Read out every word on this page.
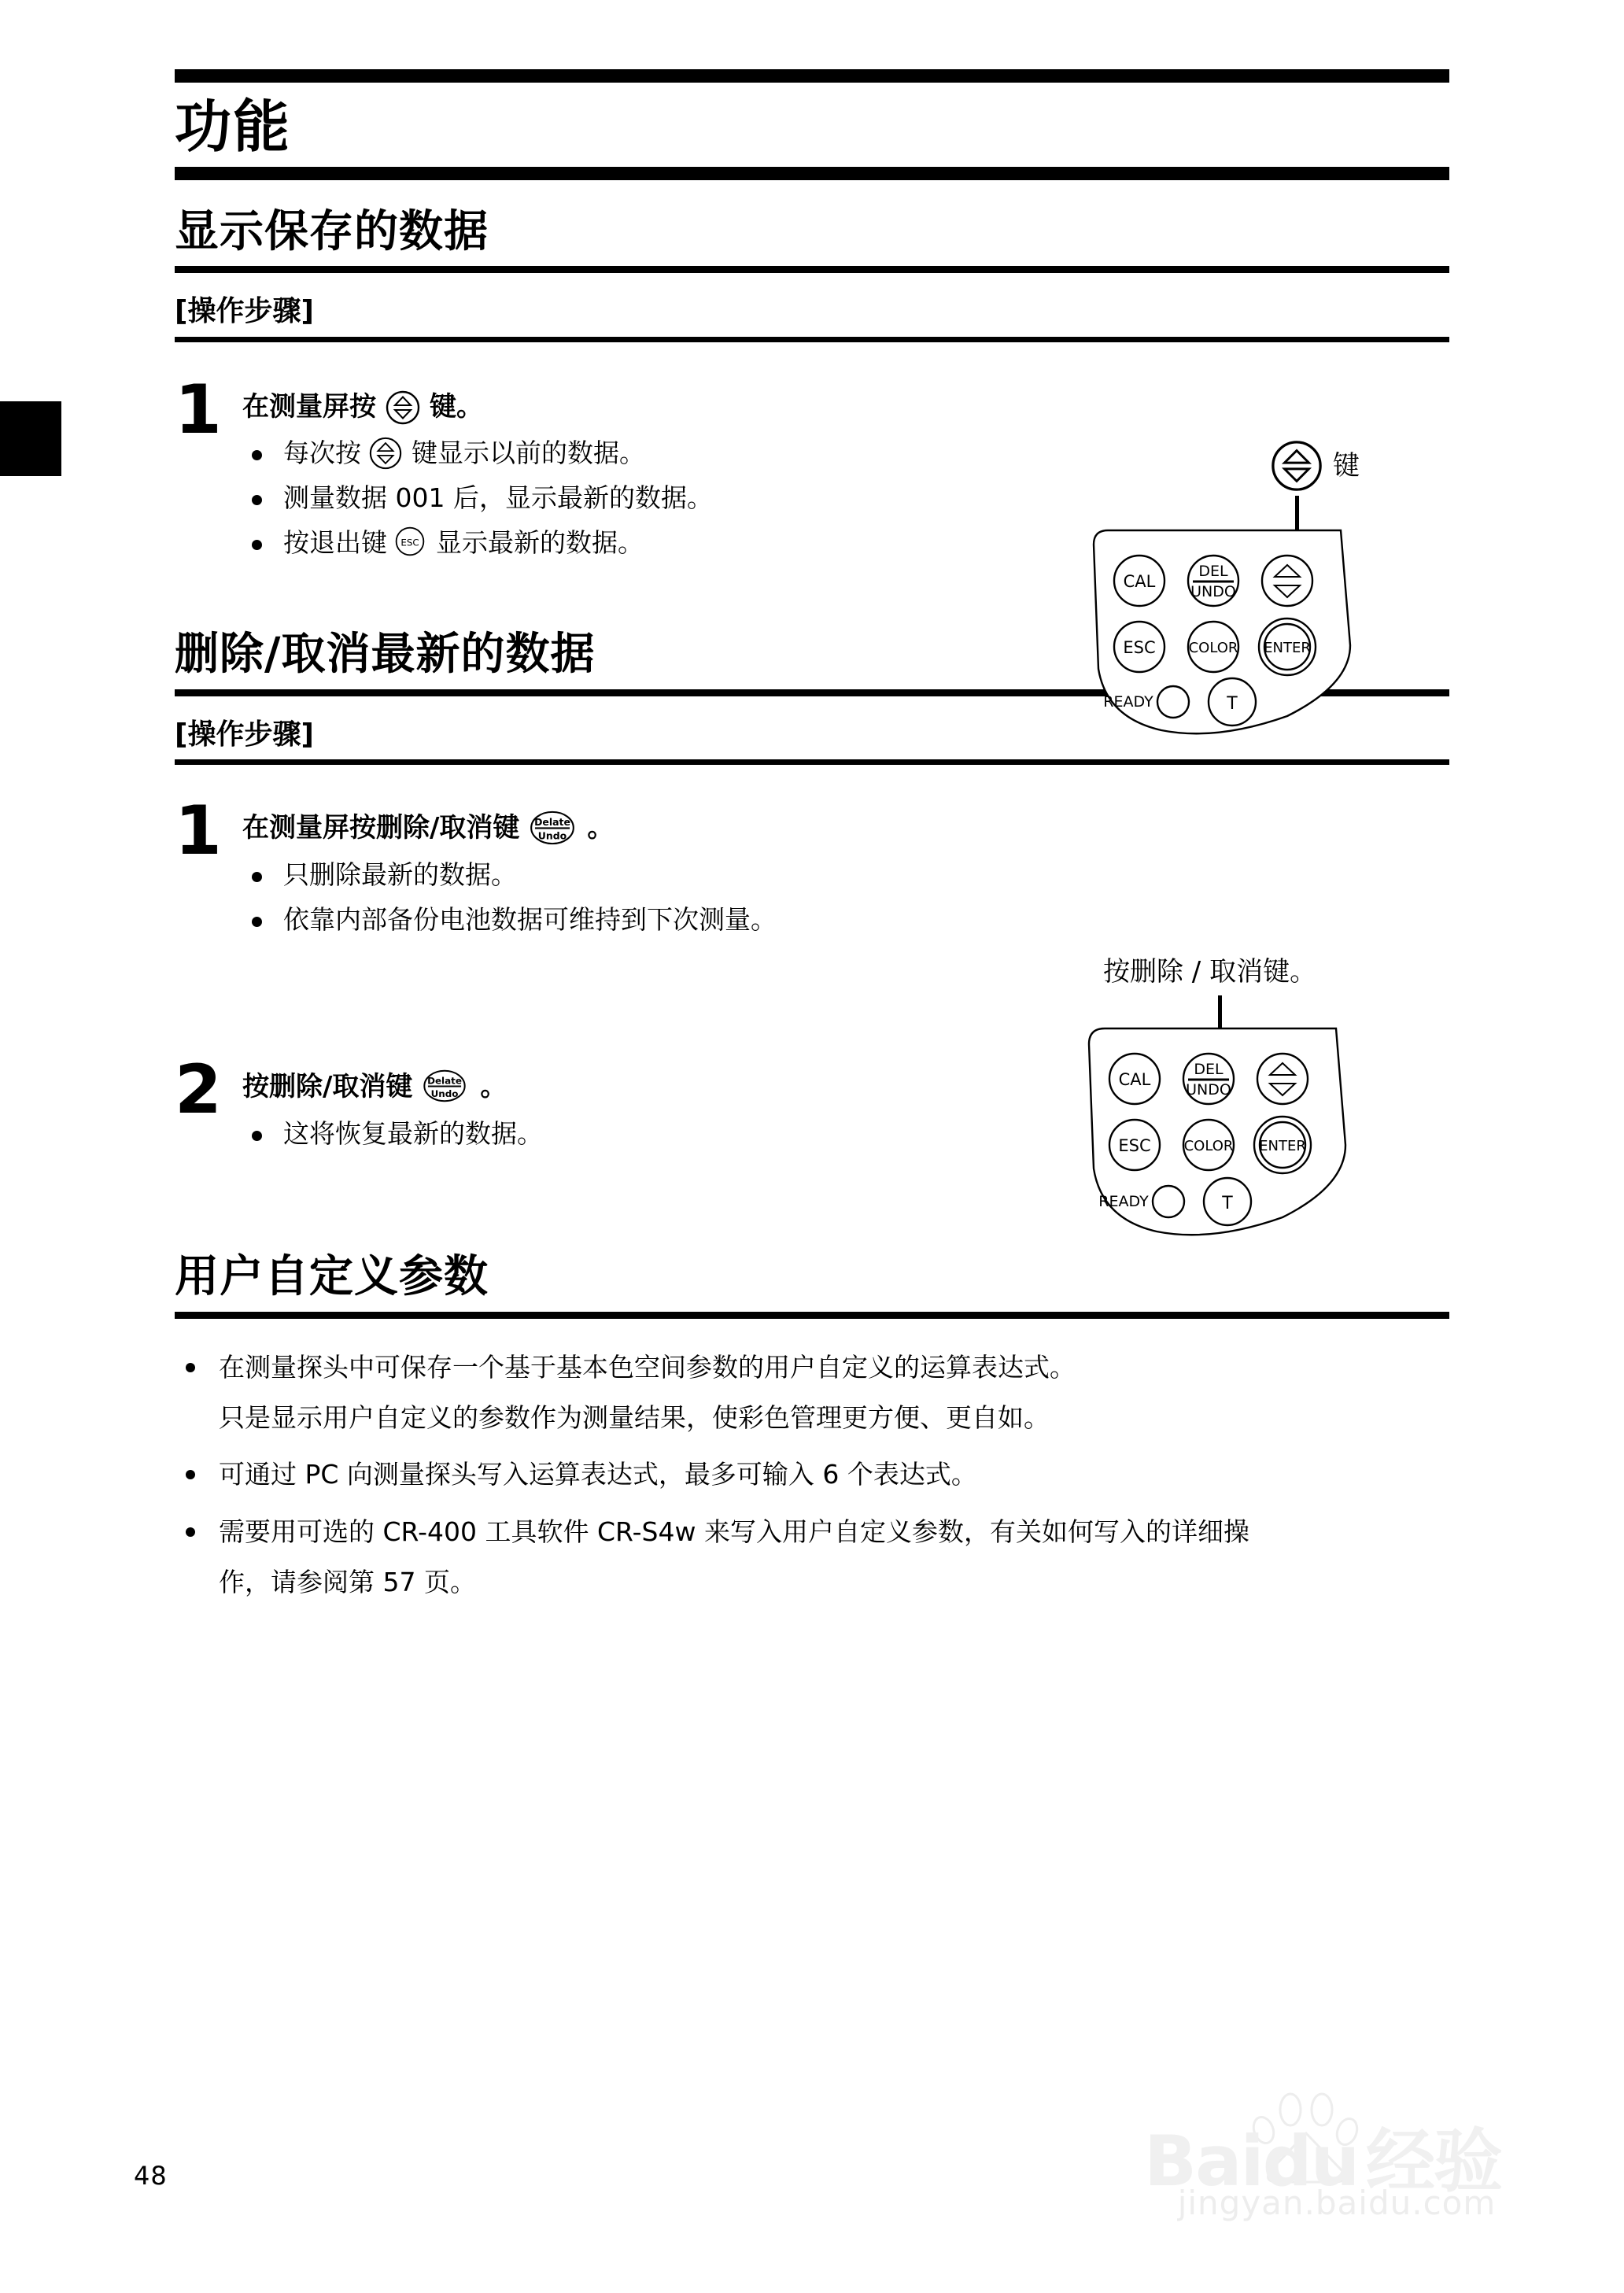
功能
显示保存的数据
[操作步骤]
1 在测量屏按 键。
每次按 键显示以前的数据。
测量数据 001 后，显示最新的数据。
按退出键 ESC 显示最新的数据。
删除/取消最新的数据
[操作步骤]
1 在测量屏按删除/取消键 Delate
Undo 。
只删除最新的数据。
依靠内部备份电池数据可维持到下次测量。
2 按删除/取消键 Delate
Undo 。
这将恢复最新的数据。
用户自定义参数
在测量探头中可保存一个基于基本色空间参数的用户自定义的运算表达式。
只是显示用户自定义的参数作为测量结果，使彩色管理更方便、更自如。
可通过 PC 向测量探头写入运算表达式，最多可输入 6 个表达式。
需要用可选的 CR-400 工具软件 CR-S4w 来写入用户自定义参数，有关如何写入的详细操
作，请参阅第 57 页。
键
CAL
DEL
UNDO
ESC COLOR ENTER
READY	T
按删除 / 取消键。
CAL
DEL
UNDO
ESC COLOR ENTER
READY	T
48	Baidu 经验
jingyan.baidu.com
